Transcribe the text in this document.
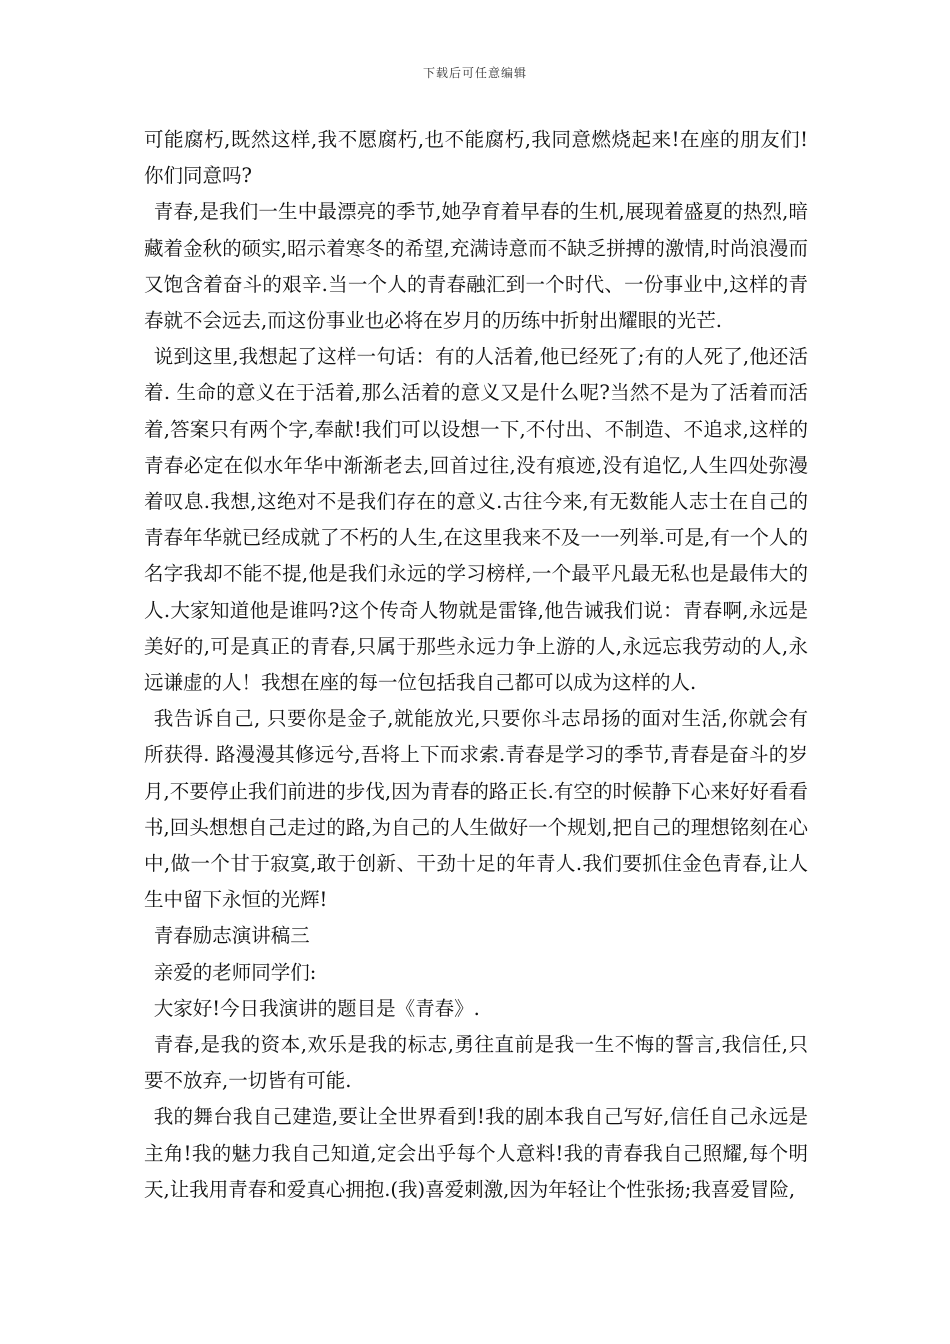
下载后可任意编辑

可能腐朽,既然这样,我不愿腐朽,也不能腐朽,我同意燃烧起来!在座的朋友们!你们同意吗?

青春,是我们一生中最漂亮的季节,她孕育着早春的生机,展现着盛夏的热烈,暗藏着金秋的硕实,昭示着寒冬的希望,充满诗意而不缺乏拼搏的激情,时尚浪漫而又饱含着奋斗的艰辛.当一个人的青春融汇到一个时代、一份事业中,这样的青春就不会远去,而这份事业也必将在岁月的历练中折射出耀眼的光芒.

说到这里,我想起了这样一句话：有的人活着,他已经死了;有的人死了,他还活着. 生命的意义在于活着,那么活着的意义又是什么呢?当然不是为了活着而活着,答案只有两个字,奉献!我们可以设想一下,不付出、不制造、不追求,这样的青春必定在似水年华中渐渐老去,回首过往,没有痕迹,没有追忆,人生四处弥漫着叹息.我想,这绝对不是我们存在的意义.古往今来,有无数能人志士在自己的青春年华就已经成就了不朽的人生,在这里我来不及一一列举.可是,有一个人的名字我却不能不提,他是我们永远的学习榜样,一个最平凡最无私也是最伟大的人.大家知道他是谁吗?这个传奇人物就是雷锋,他告诫我们说：青春啊,永远是美好的,可是真正的青春,只属于那些永远力争上游的人,永远忘我劳动的人,永远谦虚的人！我想在座的每一位包括我自己都可以成为这样的人.

我告诉自己, 只要你是金子,就能放光,只要你斗志昂扬的面对生活,你就会有所获得. 路漫漫其修远兮,吾将上下而求索.青春是学习的季节,青春是奋斗的岁月,不要停止我们前进的步伐,因为青春的路正长.有空的时候静下心来好好看看书,回头想想自己走过的路,为自己的人生做好一个规划,把自己的理想铭刻在心中,做一个甘于寂寞,敢于创新、干劲十足的年青人.我们要抓住金色青春,让人生中留下永恒的光辉!

青春励志演讲稿三

亲爱的老师同学们:

大家好!今日我演讲的题目是《青春》.

青春,是我的资本,欢乐是我的标志,勇往直前是我一生不悔的誓言,我信任,只要不放弃,一切皆有可能.

我的舞台我自己建造,要让全世界看到!我的剧本我自己写好,信任自己永远是主角!我的魅力我自己知道,定会出乎每个人意料!我的青春我自己照耀,每个明天,让我用青春和爱真心拥抱.(我)喜爱刺激,因为年轻让个性张扬;我喜爱冒险,
